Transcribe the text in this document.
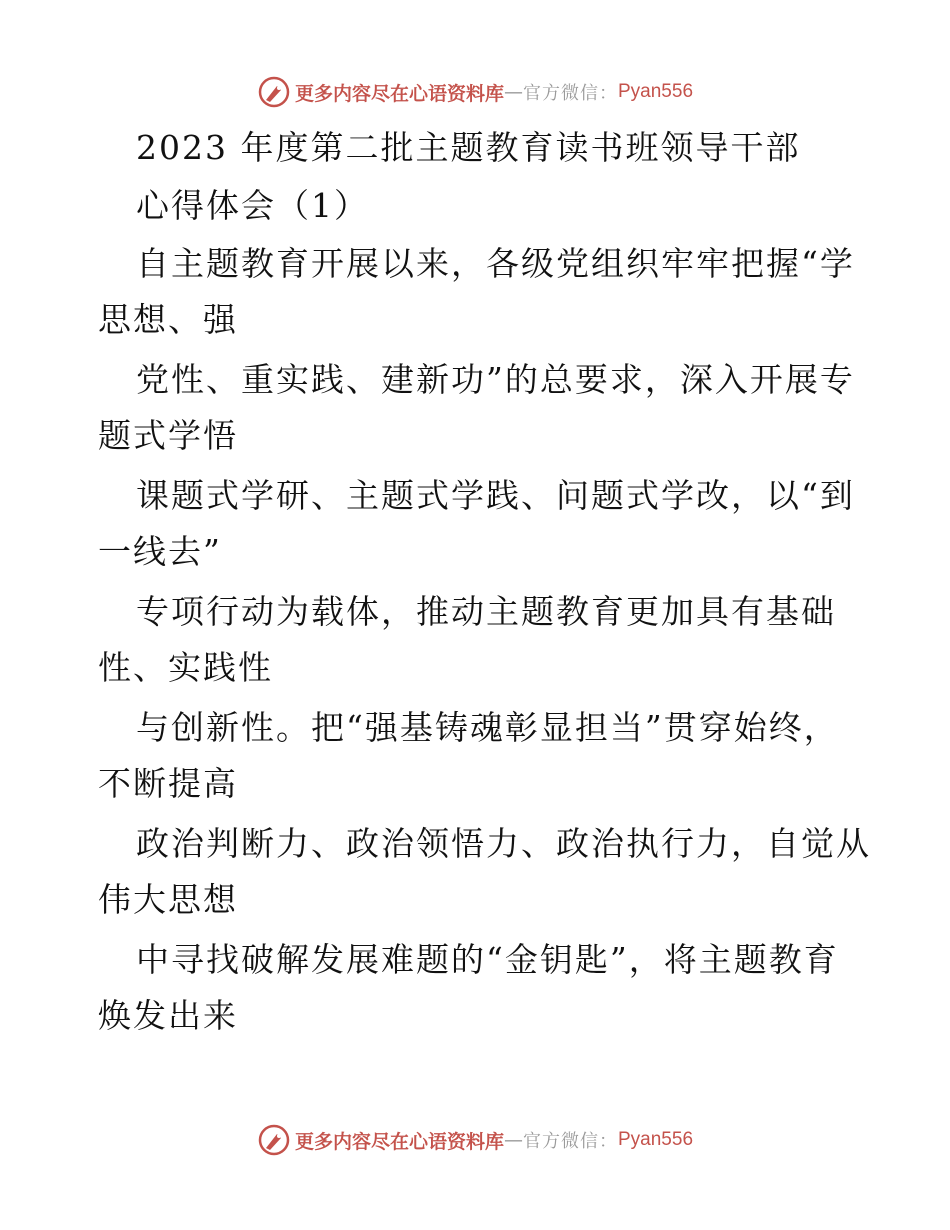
更多内容尽在心语资料库 — 官方微信： Pyan556
2023 年度第二批主题教育读书班领导干部
心得体会（1）
自主题教育开展以来，各级党组织牢牢把握“学
思想、强
党性、重实践、建新功”的总要求，深入开展专
题式学悟
课题式学研、主题式学践、问题式学改，以“到
一线去”
专项行动为载体，推动主题教育更加具有基础
性、实践性
与创新性。把“强基铸魂彰显担当”贯穿始终，
不断提高
政治判断力、政治领悟力、政治执行力，自觉从
伟大思想
中寻找破解发展难题的“金钥匙”，将主题教育
焕发出来
更多内容尽在心语资料库 — 官方微信： Pyan556
